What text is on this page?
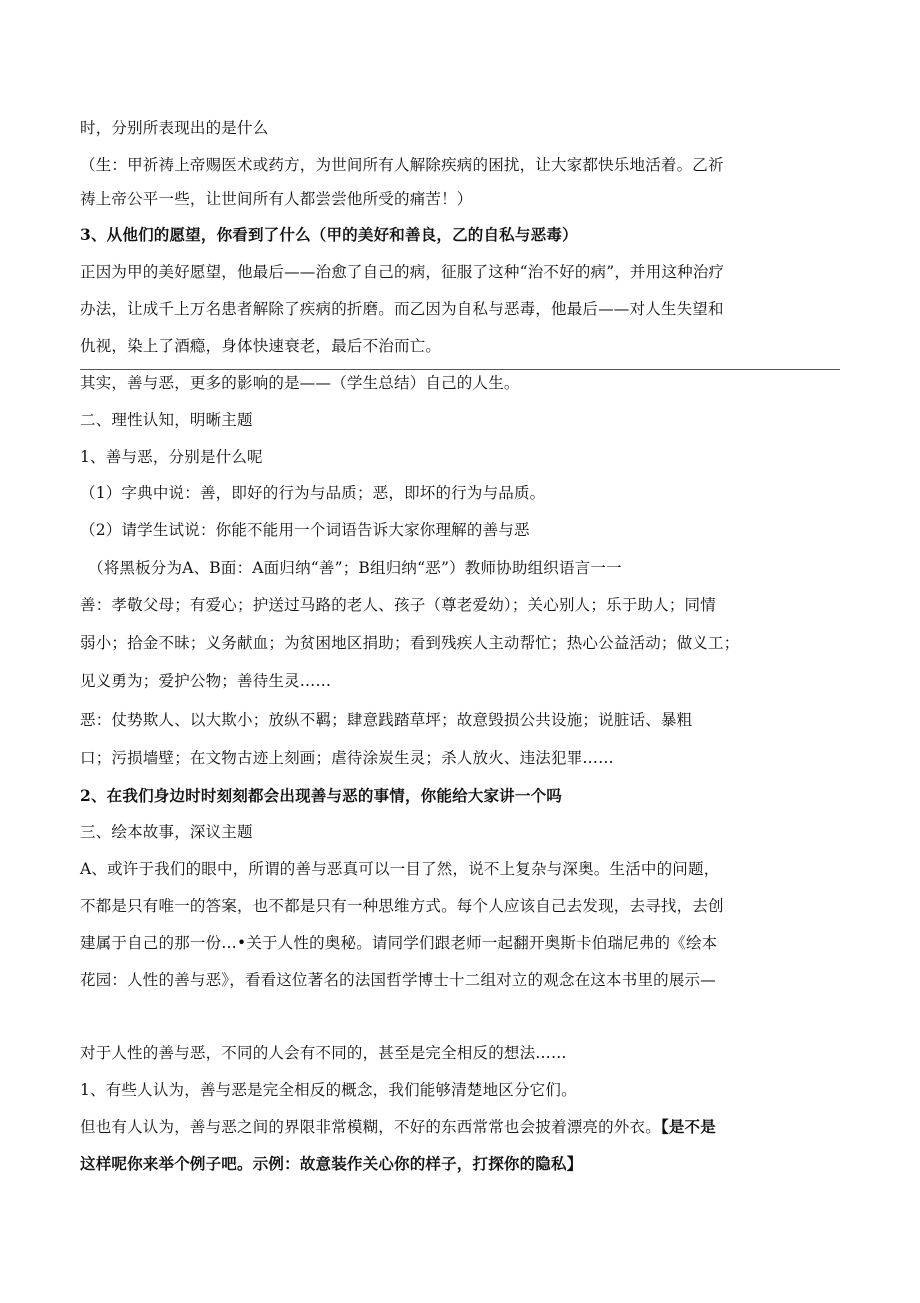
时，分别所表现出的是什么
（生：甲祈祷上帝赐医术或药方，为世间所有人解除疾病的困扰，让大家都快乐地活着。乙祈
祷上帝公平一些，让世间所有人都尝尝他所受的痛苦！）
3、从他们的愿望，你看到了什么（甲的美好和善良，乙的自私与恶毒）
正因为甲的美好愿望，他最后——治愈了自己的病，征服了这种“治不好的病”，并用这种治疗
办法，让成千上万名患者解除了疾病的折磨。而乙因为自私与恶毒，他最后——对人生失望和
仇视，染上了酒瘾，身体快速衰老，最后不治而亡。
其实，善与恶，更多的影响的是——（学生总结）自己的人生。
二、理性认知，明晰主题
1、善与恶，分别是什么呢
（1）字典中说：善，即好的行为与品质；恶，即坏的行为与品质。
（2）请学生试说：你能不能用一个词语告诉大家你理解的善与恶
（将黑板分为A、B面：A面归纳“善”；B组归纳“恶”）教师协助组织语言一一
善：孝敬父母；有爱心；护送过马路的老人、孩子（尊老爱幼）；关心别人；乐于助人；同情
弱小；拾金不昧；义务献血；为贫困地区捐助；看到残疾人主动帮忙；热心公益活动；做义工；
见义勇为；爱护公物；善待生灵……
恶：仗势欺人、以大欺小；放纵不羁；肆意践踏草坪；故意毁损公共设施；说脏话、暴粗
口；污损墙壁；在文物古迹上刻画；虐待涂炭生灵；杀人放火、违法犯罪……
2、在我们身边时时刻刻都会出现善与恶的事情，你能给大家讲一个吗
三、绘本故事，深议主题
A、或许于我们的眼中，所谓的善与恶真可以一目了然，说不上复杂与深奥。生活中的问题，
不都是只有唯一的答案，也不都是只有一种思维方式。每个人应该自己去发现，去寻找，去创
建属于自己的那一份…•关于人性的奥秘。请同学们跟老师一起翻开奥斯卡伯瑞尼弗的《绘本
花园：人性的善与恶》，看看这位著名的法国哲学博士十二组对立的观念在这本书里的展示—
对于人性的善与恶，不同的人会有不同的，甚至是完全相反的想法……
1、有些人认为，善与恶是完全相反的概念，我们能够清楚地区分它们。
但也有人认为，善与恶之间的界限非常模糊，不好的东西常常也会披着漂亮的外衣。【是不是
这样呢你来举个例子吧。示例：故意装作关心你的样子，打探你的隐私】
